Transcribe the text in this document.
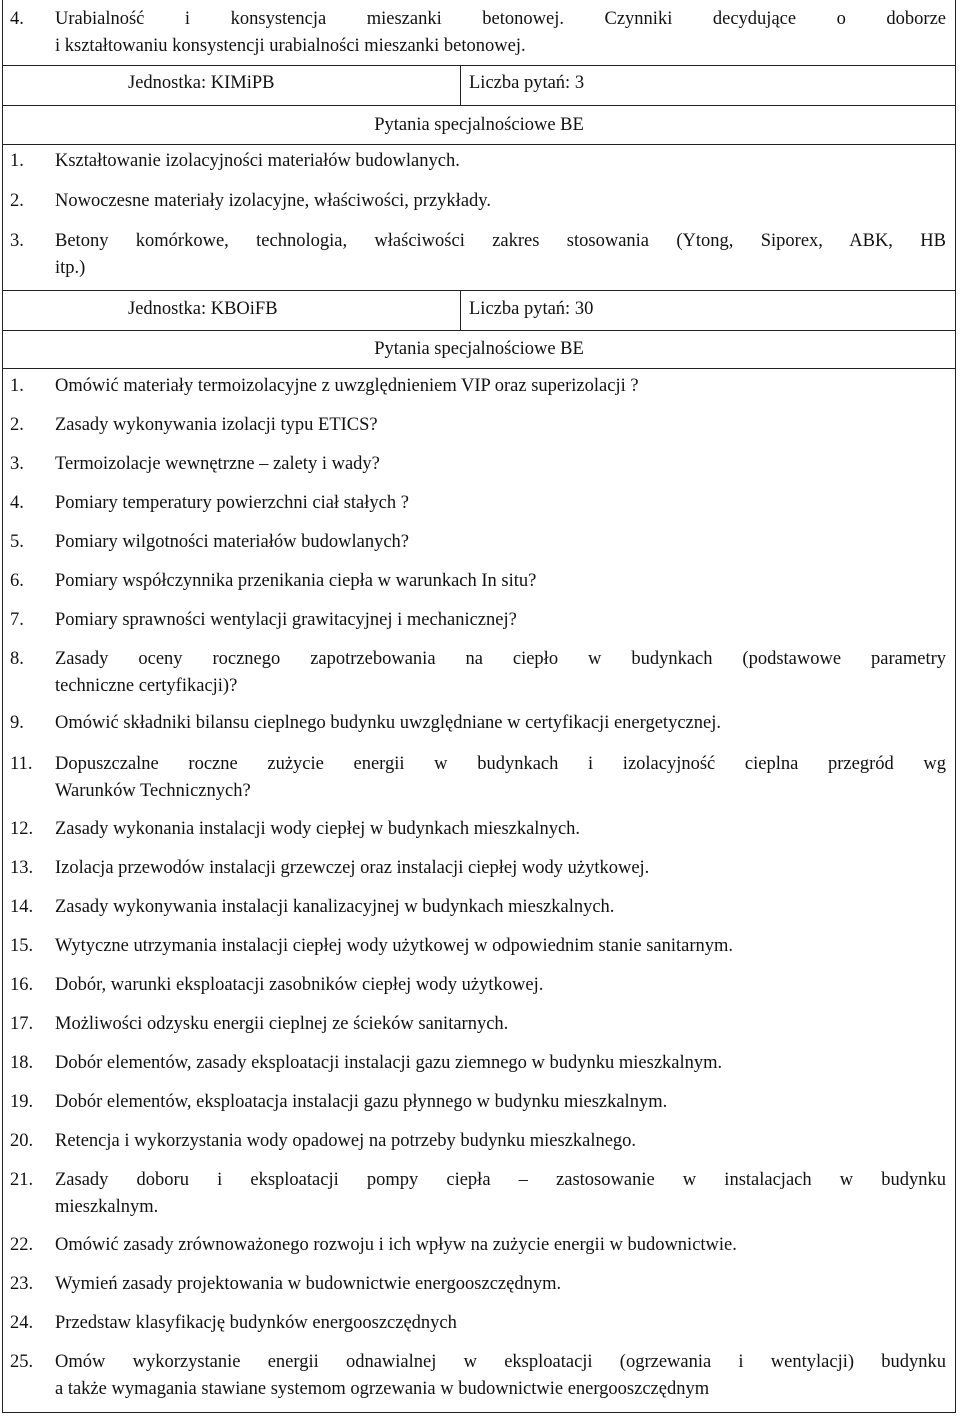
4. Urabialność i konsystencja mieszanki betonowej. Czynniki decydujące o doborze
i kształtowaniu konsystencji urabialności mieszanki betonowej.
Jednostka: KIMiPB	Liczba pytań: 3
Pytania specjalnościowe BE
1. Kształtowanie izolacyjności materiałów budowlanych.
2. Nowoczesne materiały izolacyjne, właściwości, przykłady.
3. Betony komórkowe, technologia, właściwości zakres stosowania (Ytong, Siporex, ABK, HB
itp.)
Jednostka: KBOiFB	Liczba pytań: 30
Pytania specjalnościowe BE
1. Omówić materiały termoizolacyjne z uwzględnieniem VIP oraz superizolacji ?
2. Zasady wykonywania izolacji typu ETICS?
3. Termoizolacje wewnętrzne – zalety i wady?
4. Pomiary temperatury powierzchni ciał stałych ?
5. Pomiary wilgotności materiałów budowlanych?
6. Pomiary współczynnika przenikania ciepła w warunkach In situ?
7. Pomiary sprawności wentylacji grawitacyjnej i mechanicznej?
8. Zasady oceny rocznego zapotrzebowania na ciepło w budynkach (podstawowe parametry
techniczne certyfikacji)?
9. Omówić składniki bilansu cieplnego budynku uwzględniane w certyfikacji energetycznej.
11. Dopuszczalne roczne zużycie energii w budynkach i izolacyjność cieplna przegród wg
Warunków Technicznych?
12. Zasady wykonania instalacji wody ciepłej w budynkach mieszkalnych.
13. Izolacja przewodów instalacji grzewczej oraz instalacji ciepłej wody użytkowej.
14. Zasady wykonywania instalacji kanalizacyjnej w budynkach mieszkalnych.
15. Wytyczne utrzymania instalacji ciepłej wody użytkowej w odpowiednim stanie sanitarnym.
16. Dobór, warunki eksploatacji zasobników ciepłej wody użytkowej.
17. Możliwości odzysku energii cieplnej ze ścieków sanitarnych.
18. Dobór elementów, zasady eksploatacji instalacji gazu ziemnego w budynku mieszkalnym.
19. Dobór elementów, eksploatacja instalacji gazu płynnego w budynku mieszkalnym.
20. Retencja i wykorzystania wody opadowej na potrzeby budynku mieszkalnego.
21. Zasady doboru i eksploatacji pompy ciepła – zastosowanie w instalacjach w budynku
mieszkalnym.
22. Omówić zasady zrównoważonego rozwoju i ich wpływ na zużycie energii w budownictwie.
23. Wymień zasady projektowania w budownictwie energooszczędnym.
24. Przedstaw klasyfikację budynków energooszczędnych
25. Omów wykorzystanie energii odnawialnej w eksploatacji (ogrzewania i wentylacji) budynku
a także wymagania stawiane systemom ogrzewania w budownictwie energooszczędnym
